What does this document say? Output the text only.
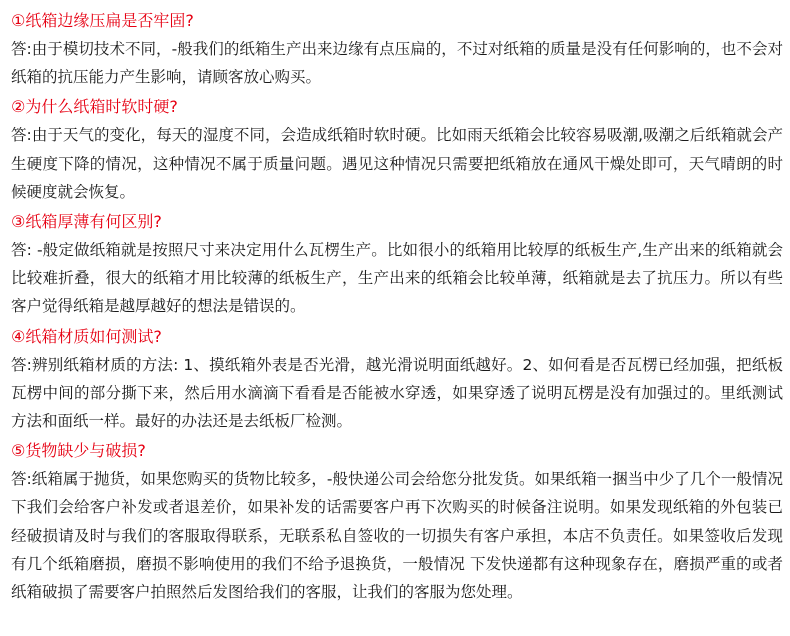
①纸箱边缘压扁是否牢固?
答:由于模切技术不同，-般我们的纸箱生产出来边缘有点压扁的，不过对纸箱的质量是没有任何影响的，也不会对纸箱的抗压能力产生影响，请顾客放心购买。
②为什么纸箱时软时硬?
答:由于天气的变化，每天的湿度不同，会造成纸箱时软时硬。比如雨天纸箱会比较容易吸潮,吸潮之后纸箱就会产生硬度下降的情况，这种情况不属于质量问题。遇见这种情况只需要把纸箱放在通风干燥处即可，天气晴朗的时候硬度就会恢复。
③纸箱厚薄有何区别?
答: -般定做纸箱就是按照尺寸来决定用什么瓦楞生产。比如很小的纸箱用比较厚的纸板生产,生产出来的纸箱就会比较难折叠，很大的纸箱才用比较薄的纸板生产，生产出来的纸箱会比较单薄，纸箱就是去了抗压力。所以有些客户觉得纸箱是越厚越好的想法是错误的。
④纸箱材质如何测试?
答:辨别纸箱材质的方法: 1、摸纸箱外表是否光滑，越光滑说明面纸越好。2、如何看是否瓦楞已经加强，把纸板瓦楞中间的部分撕下来，然后用水滴滴下看看是否能被水穿透，如果穿透了说明瓦楞是没有加强过的。里纸测试方法和面纸一样。最好的办法还是去纸板厂检测。
⑤货物缺少与破损?
答:纸箱属于抛货，如果您购买的货物比较多，-般快递公司会给您分批发货。如果纸箱一捆当中少了几个一般情况下我们会给客户补发或者退差价，如果补发的话需要客户再下次购买的时候备注说明。如果发现纸箱的外包装已经破损请及时与我们的客服取得联系，无联系私自签收的一切损失有客户承担，本店不负责任。如果签收后发现有几个纸箱磨损，磨损不影响使用的我们不给予退换货，一般情况 下发快递都有这种现象存在，磨损严重的或者纸箱破损了需要客户拍照然后发图给我们的客服，让我们的客服为您处理。
